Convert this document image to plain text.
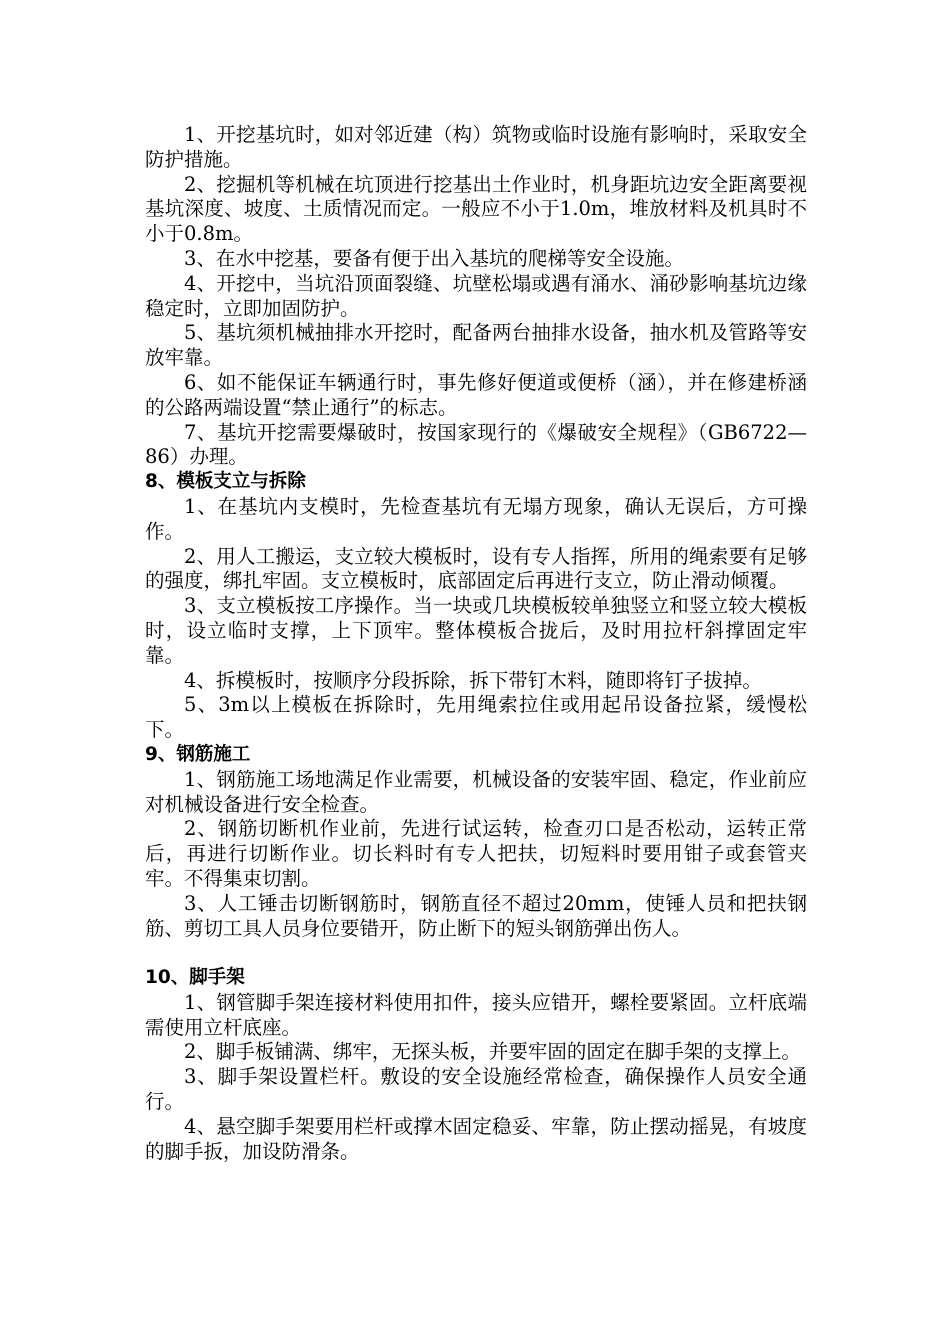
1、开挖基坑时，如对邻近建（构）筑物或临时设施有影响时，采取安全防护措施。

2、挖掘机等机械在坑顶进行挖基出土作业时，机身距坑边安全距离要视基坑深度、坡度、土质情况而定。一般应不小于1.0m，堆放材料及机具时不小于0.8m。

3、在水中挖基，要备有便于出入基坑的爬梯等安全设施。

4、开挖中，当坑沿顶面裂缝、坑壁松塌或遇有涌水、涌砂影响基坑边缘稳定时，立即加固防护。

5、基坑须机械抽排水开挖时，配备两台抽排水设备，抽水机及管路等安放牢靠。

6、如不能保证车辆通行时，事先修好便道或便桥（涵），并在修建桥涵的公路两端设置“禁止通行”的标志。

7、基坑开挖需要爆破时，按国家现行的《爆破安全规程》（GB6722—86）办理。

8、模板支立与拆除

1、在基坑内支模时，先检查基坑有无塌方现象，确认无误后，方可操作。

2、用人工搬运，支立较大模板时，设有专人指挥，所用的绳索要有足够的强度，绑扎牢固。支立模板时，底部固定后再进行支立，防止滑动倾覆。

3、支立模板按工序操作。当一块或几块模板较单独竖立和竖立较大模板时，设立临时支撑，上下顶牢。整体模板合拢后，及时用拉杆斜撑固定牢靠。

4、拆模板时，按顺序分段拆除，拆下带钉木料，随即将钉子拔掉。

5、3m以上模板在拆除时，先用绳索拉住或用起吊设备拉紧，缓慢松下。

9、钢筋施工

1、钢筋施工场地满足作业需要，机械设备的安装牢固、稳定，作业前应对机械设备进行安全检查。

2、钢筋切断机作业前，先进行试运转，检查刃口是否松动，运转正常后，再进行切断作业。切长料时有专人把扶，切短料时要用钳子或套管夹牢。不得集束切割。

3、人工锤击切断钢筋时，钢筋直径不超过20mm，使锤人员和把扶钢筋、剪切工具人员身位要错开，防止断下的短头钢筋弹出伤人。

10、脚手架

1、钢管脚手架连接材料使用扣件，接头应错开，螺栓要紧固。立杆底端需使用立杆底座。

2、脚手板铺满、绑牢，无探头板，并要牢固的固定在脚手架的支撑上。

3、脚手架设置栏杆。敷设的安全设施经常检查，确保操作人员安全通行。

4、悬空脚手架要用栏杆或撑木固定稳妥、牢靠，防止摆动摇晃，有坡度的脚手扳，加设防滑条。
